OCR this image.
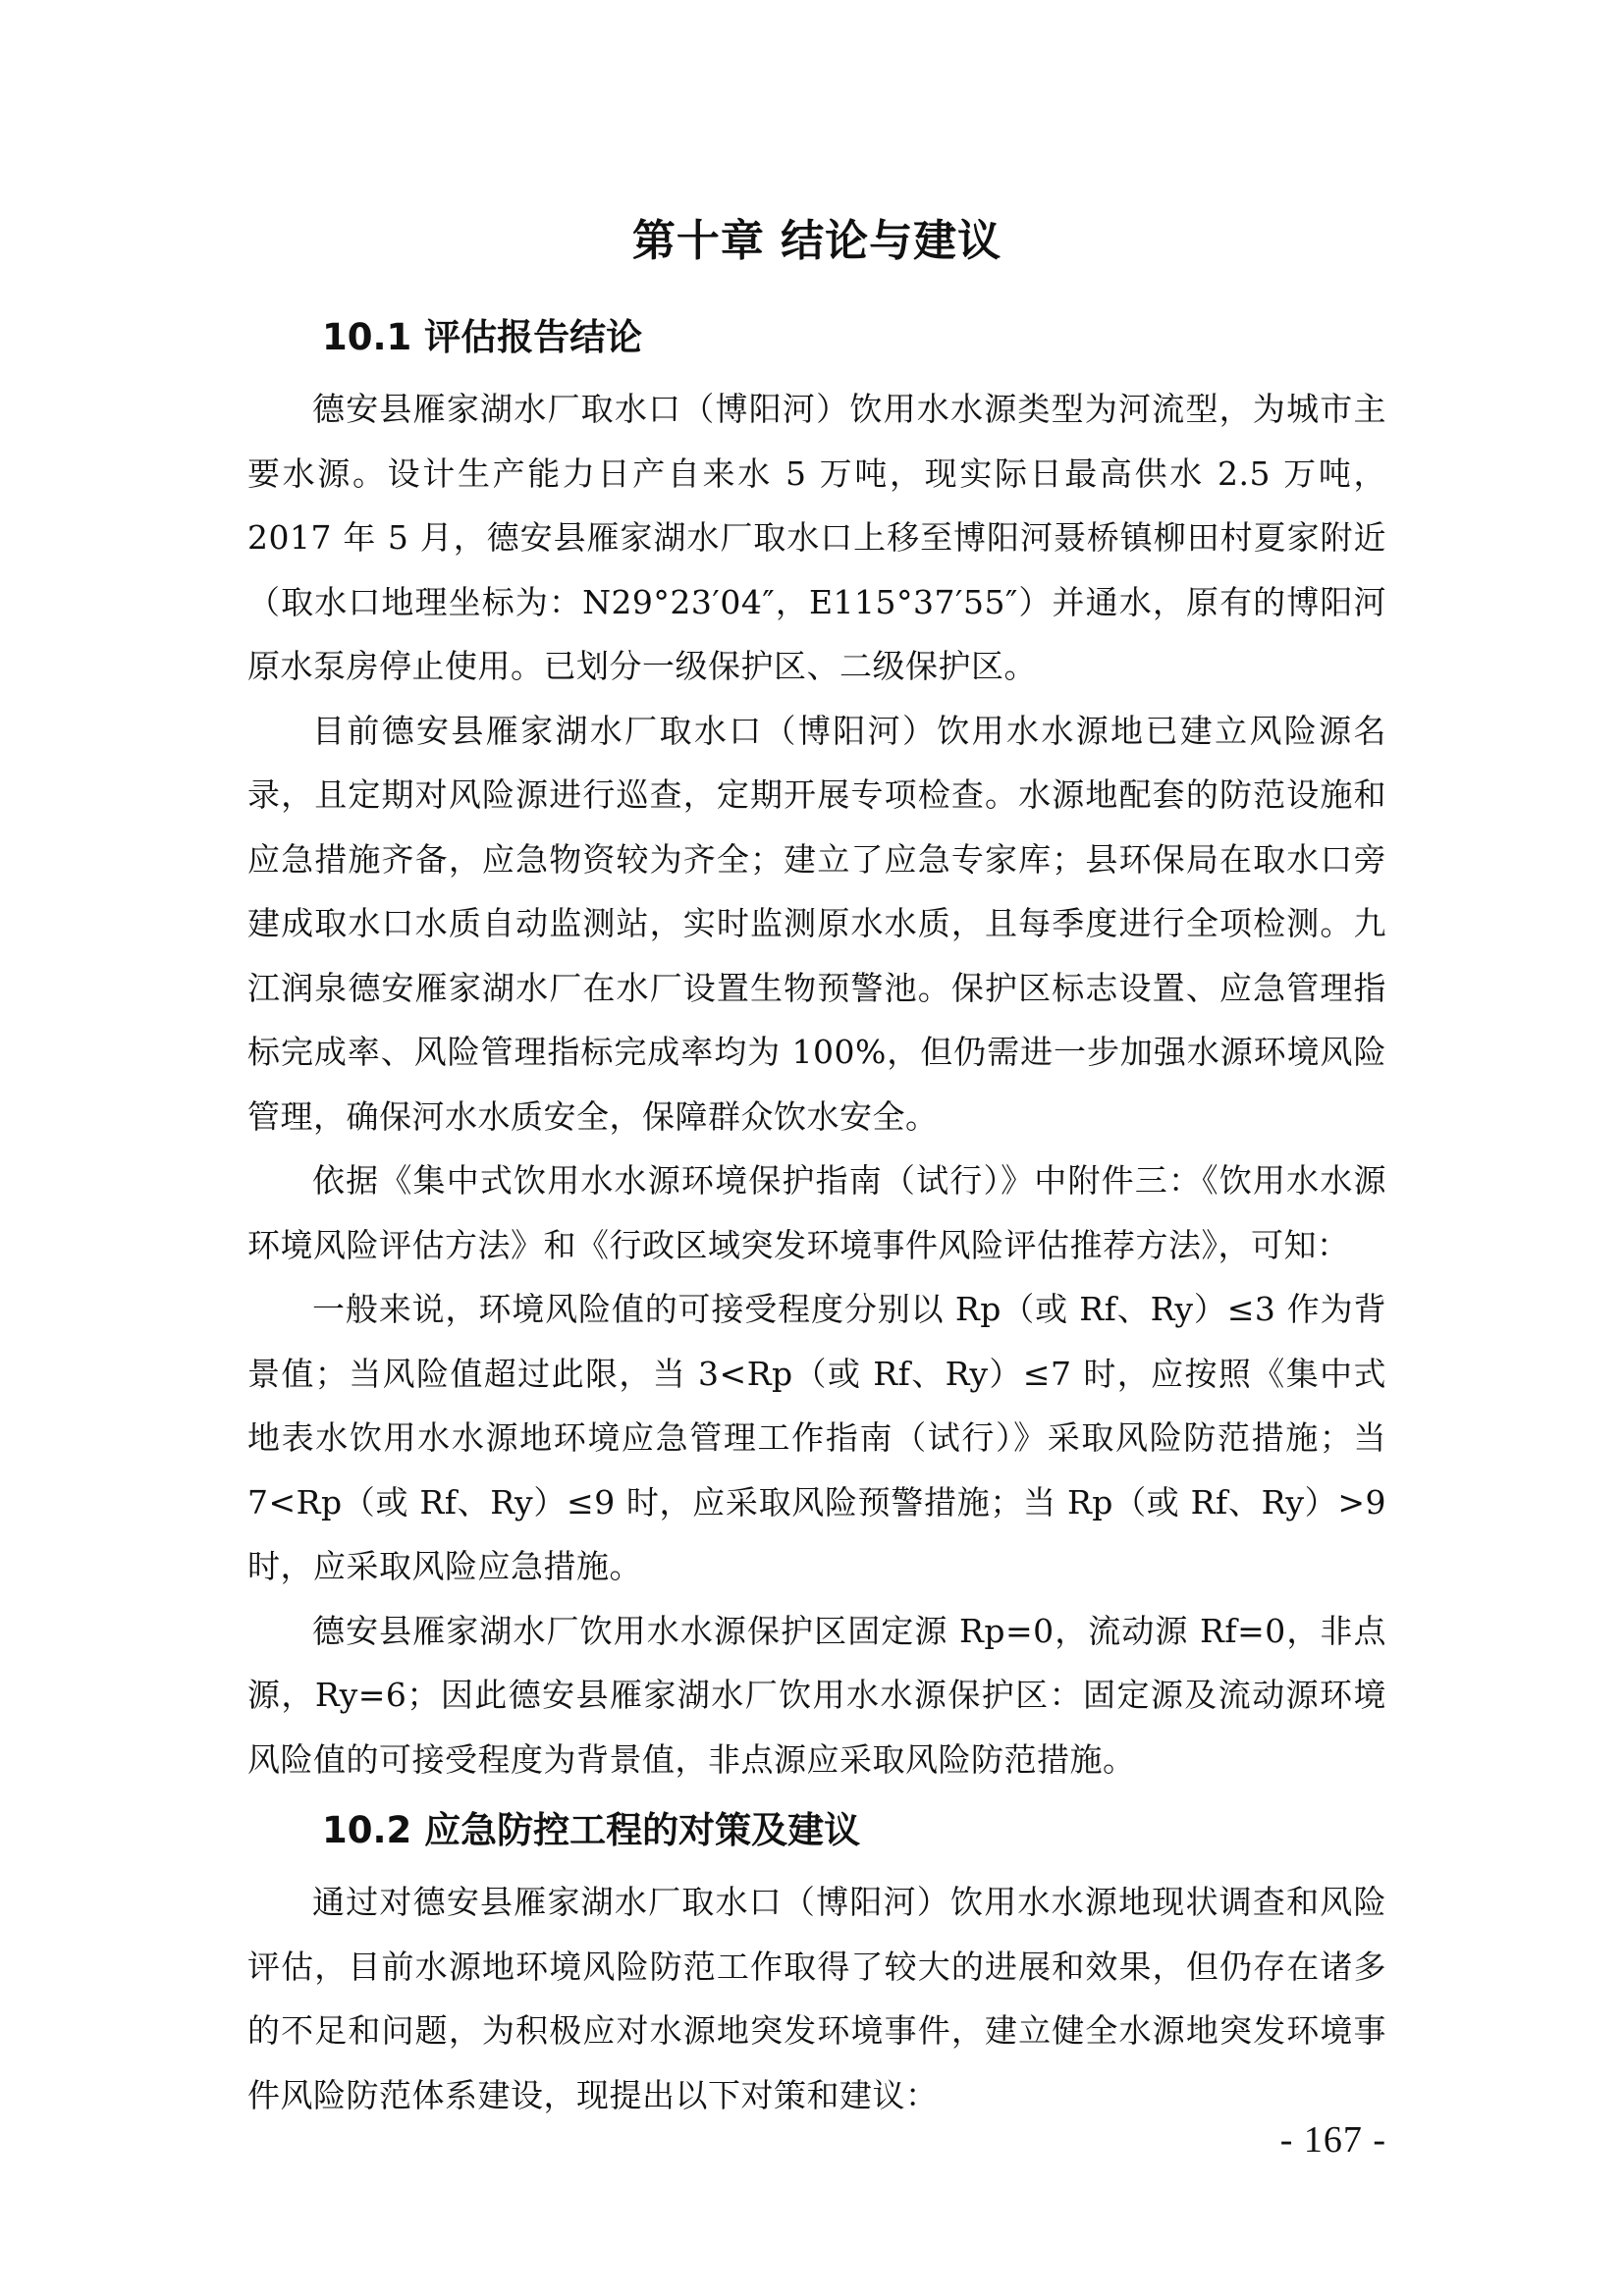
第十章 结论与建议
10.1 评估报告结论

德安县雁家湖水厂取水口（博阳河）饮用水水源类型为河流型，为城市主要水源。设计生产能力日产自来水 5 万吨，现实际日最高供水 2.5 万吨，2017 年 5 月，德安县雁家湖水厂取水口上移至博阳河聂桥镇柳田村夏家附近（取水口地理坐标为：N29°23′04″，E115°37′55″）并通水，原有的博阳河原水泵房停止使用。已划分一级保护区、二级保护区。

目前德安县雁家湖水厂取水口（博阳河）饮用水水源地已建立风险源名录，且定期对风险源进行巡查，定期开展专项检查。水源地配套的防范设施和应急措施齐备，应急物资较为齐全；建立了应急专家库；县环保局在取水口旁建成取水口水质自动监测站，实时监测原水水质，且每季度进行全项检测。九江润泉德安雁家湖水厂在水厂设置生物预警池。保护区标志设置、应急管理指标完成率、风险管理指标完成率均为 100%，但仍需进一步加强水源环境风险管理，确保河水水质安全，保障群众饮水安全。

依据《集中式饮用水水源环境保护指南（试行）》中附件三：《饮用水水源环境风险评估方法》和《行政区域突发环境事件风险评估推荐方法》，可知：

一般来说，环境风险值的可接受程度分别以 Rp（或 Rf、Ry）≤3 作为背景值；当风险值超过此限，当 3<Rp（或 Rf、Ry）≤7 时，应按照《集中式地表水饮用水水源地环境应急管理工作指南（试行）》采取风险防范措施；当 7<Rp（或 Rf、Ry）≤9 时，应采取风险预警措施；当 Rp（或 Rf、Ry）>9 时，应采取风险应急措施。

德安县雁家湖水厂饮用水水源保护区固定源 Rp=0，流动源 Rf=0，非点源，Ry=6；因此德安县雁家湖水厂饮用水水源保护区：固定源及流动源环境风险值的可接受程度为背景值，非点源应采取风险防范措施。

10.2 应急防控工程的对策及建议

通过对德安县雁家湖水厂取水口（博阳河）饮用水水源地现状调查和风险评估，目前水源地环境风险防范工作取得了较大的进展和效果，但仍存在诸多的不足和问题，为积极应对水源地突发环境事件，建立健全水源地突发环境事件风险防范体系建设，现提出以下对策和建议：

- 167 -
